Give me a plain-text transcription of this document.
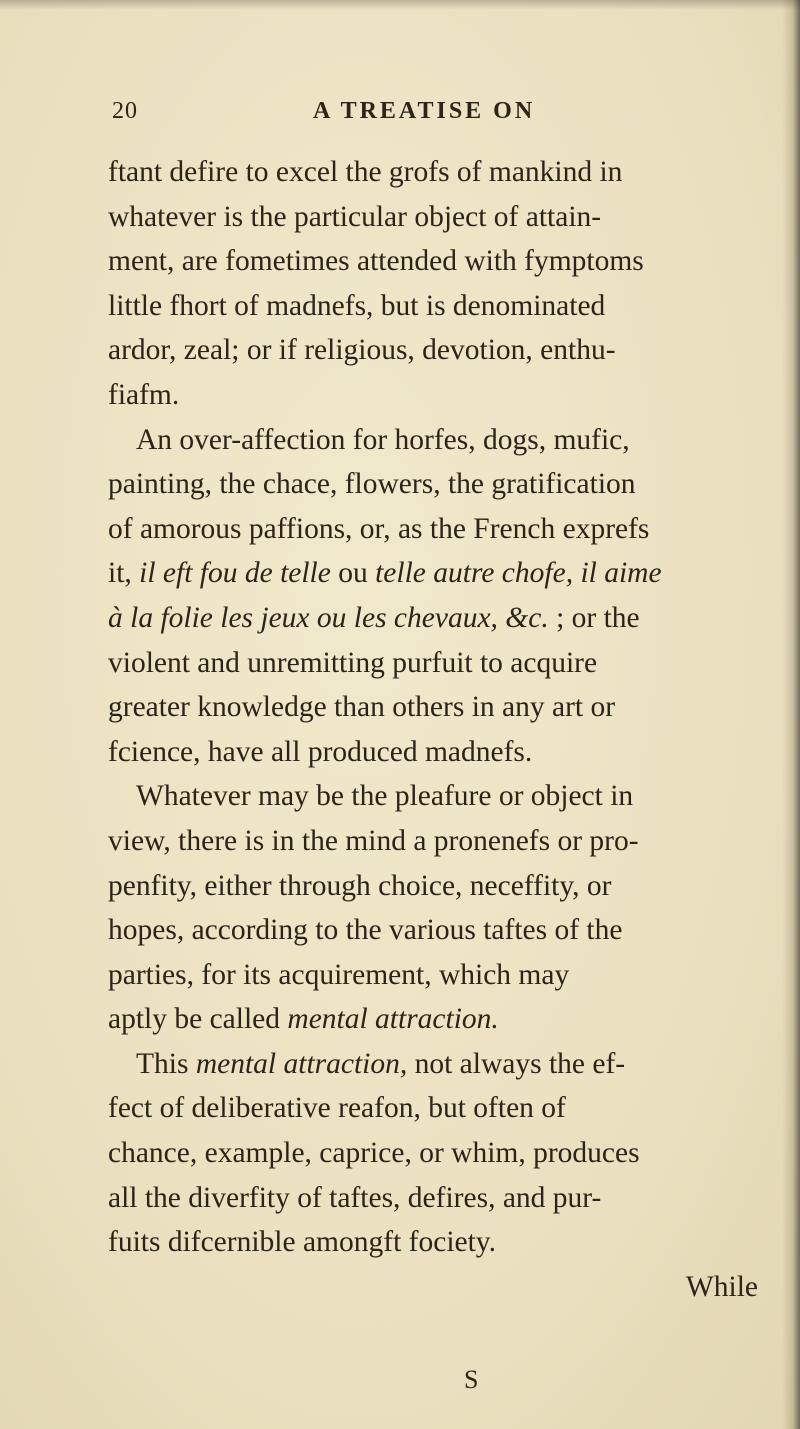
20	A TREATISE ON
ftant defire to excel the grofs of mankind in
whatever is the particular object of attain-
ment, are fometimes attended with fymptoms
little fhort of madnefs, but is denominated
ardor, zeal; or if religious, devotion, enthu-
fiafm.
An over-affection for horfes, dogs, mufic,
painting, the chace, flowers, the gratification
of amorous paffions, or, as the French exprefs
it, il eft fou de telle ou telle autre chofe, il aime
à la folie les jeux ou les chevaux, &c. ; or the
violent and unremitting purfuit to acquire
greater knowledge than others in any art or
fcience, have all produced madnefs.
Whatever may be the pleafure or object in
view, there is in the mind a pronenefs or pro-
penfity, either through choice, neceffity, or
hopes, according to the various taftes of the
parties, for its acquirement, which may
aptly be called mental attraction.
This mental attraction, not always the ef-
fect of deliberative reafon, but often of
chance, example, caprice, or whim, produces
all the diverfity of taftes, defires, and pur-
fuits difcernible amongft fociety.
While
S
